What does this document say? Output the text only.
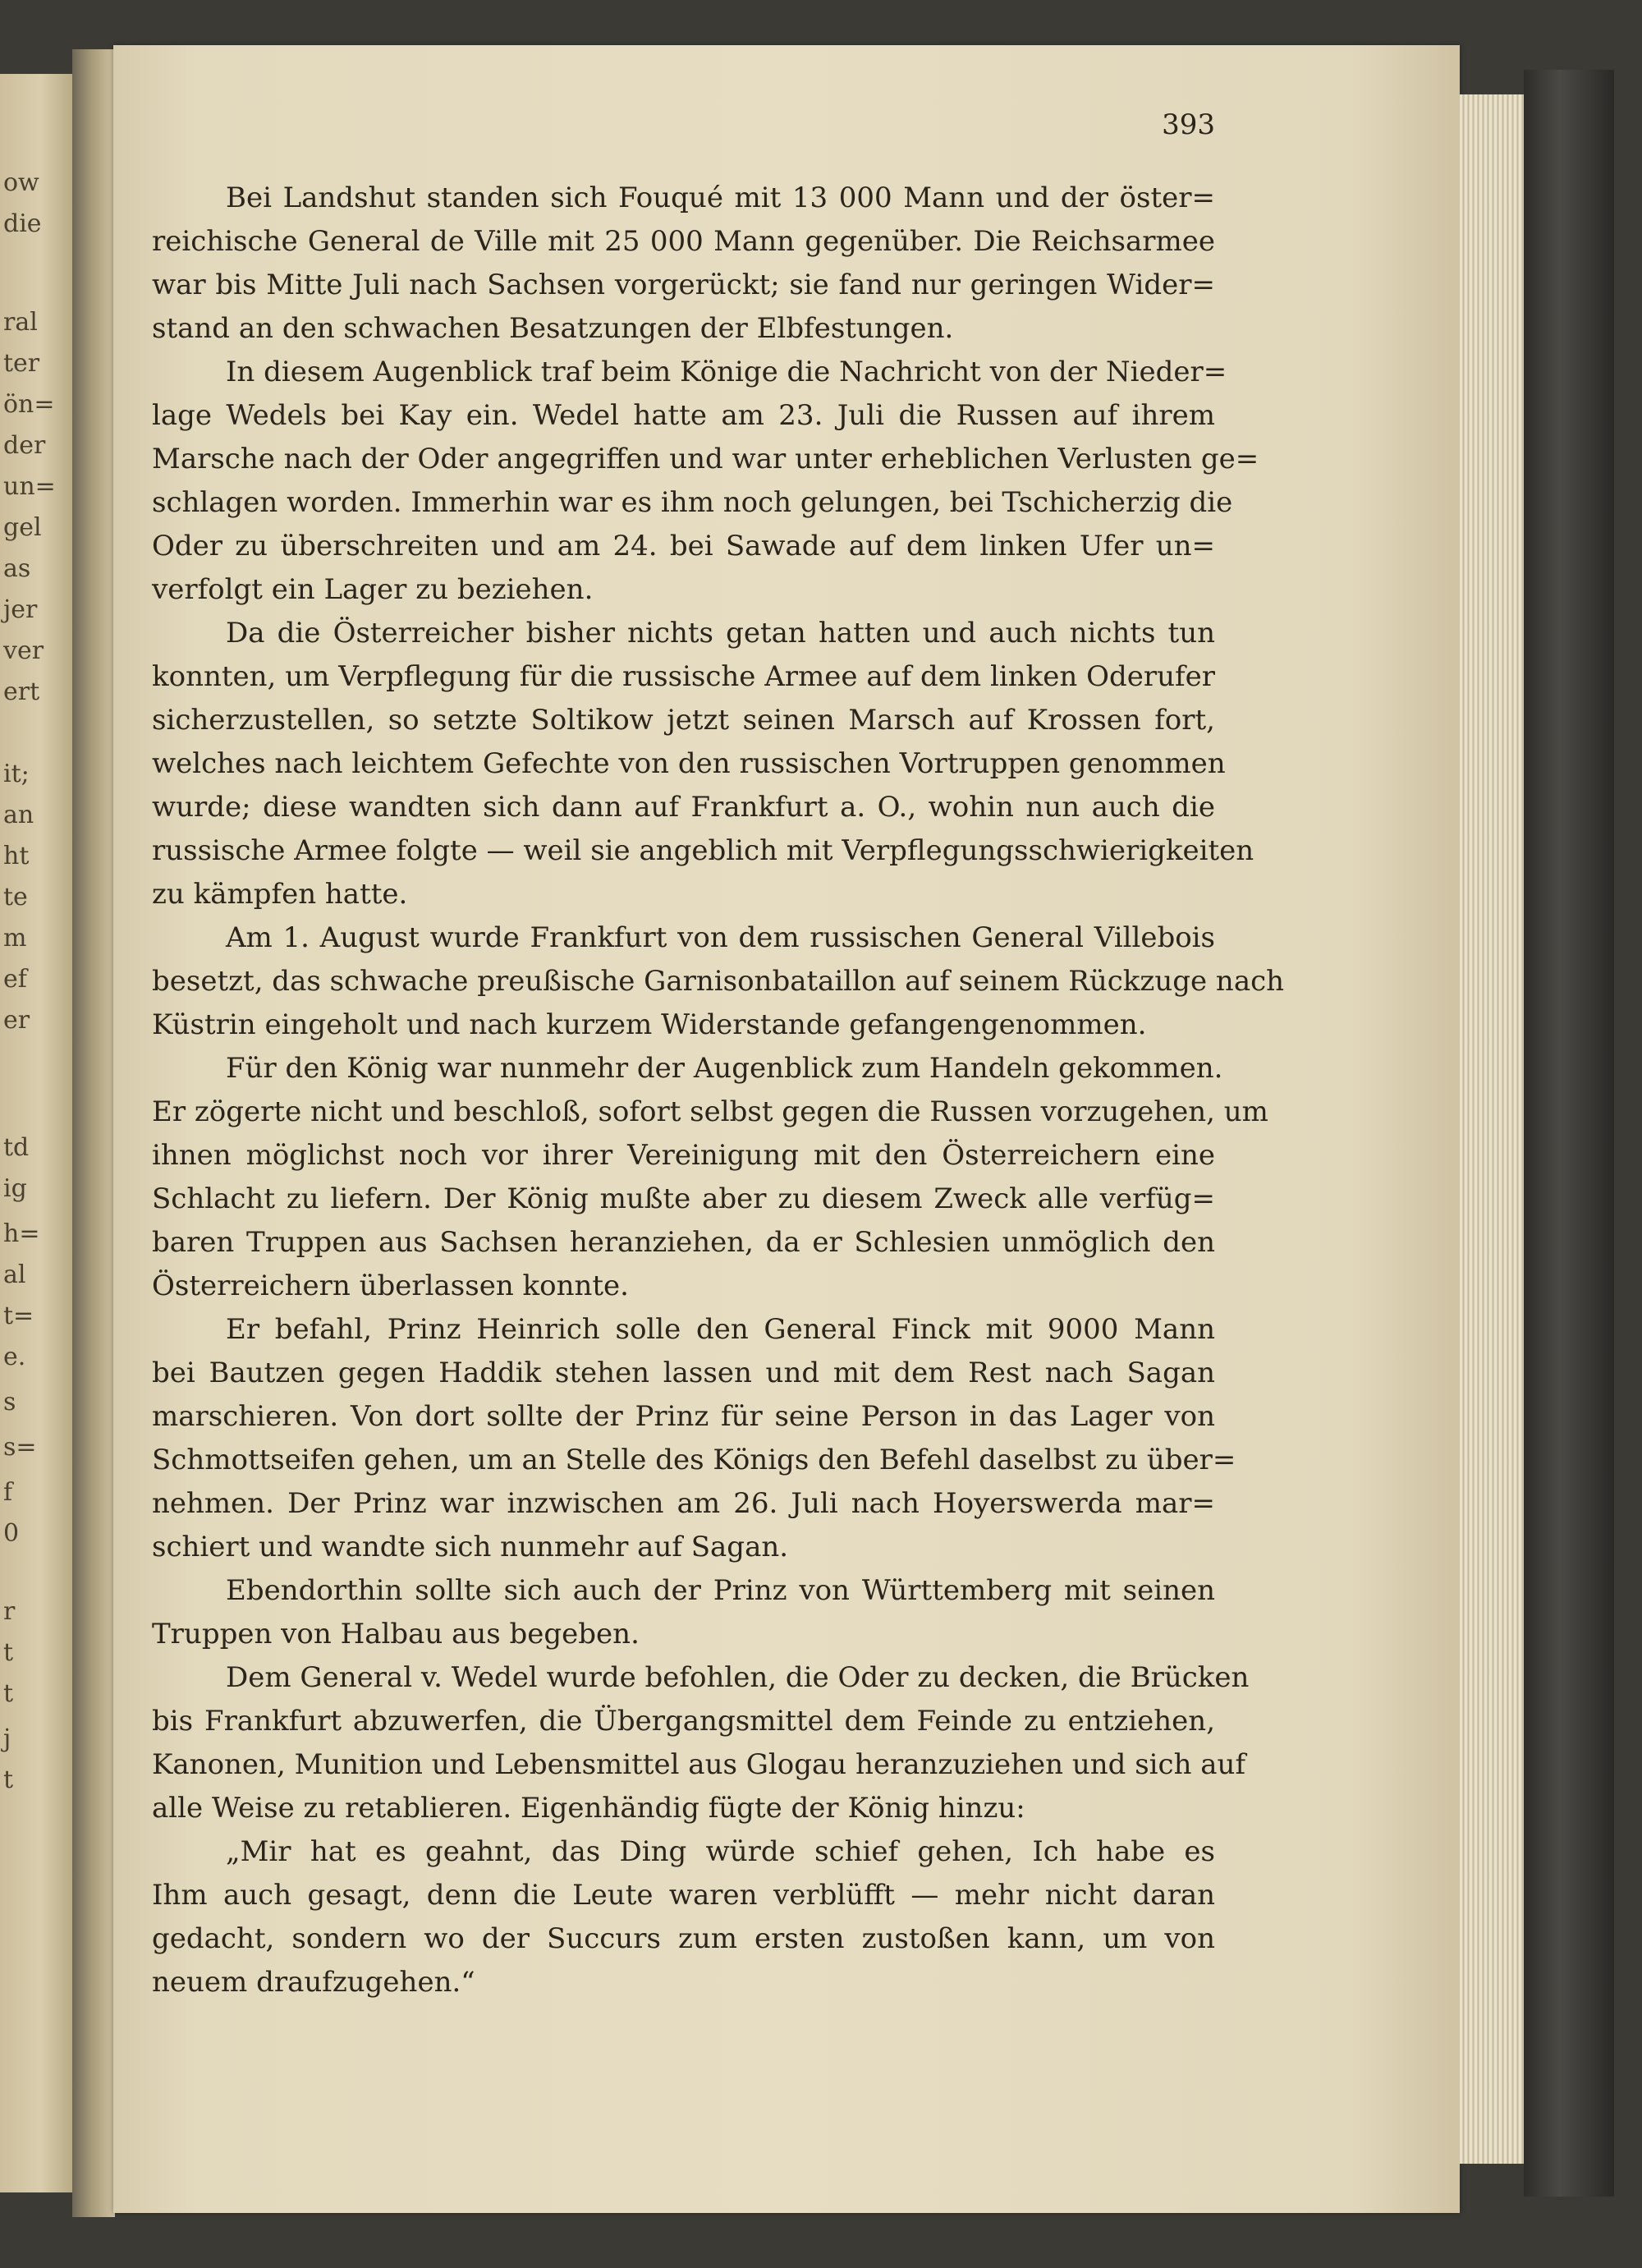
ow
die
ral
ter
ön=
der
un=
gel
as
jer
ver
ert
it;
an
ht
te
m
ef
er
td
ig
h=
al
t=
e.
s
s=
f
0
r
t
t
j
t
393
Bei Landshut standen sich Fouqué mit 13 000 Mann und der öster=
reichische General de Ville mit 25 000 Mann gegenüber. Die Reichsarmee
war bis Mitte Juli nach Sachsen vorgerückt; sie fand nur geringen Wider=
stand an den schwachen Besatzungen der Elbfestungen.
In diesem Augenblick traf beim Könige die Nachricht von der Nieder=
lage Wedels bei Kay ein. Wedel hatte am 23. Juli die Russen auf ihrem
Marsche nach der Oder angegriffen und war unter erheblichen Verlusten ge=
schlagen worden. Immerhin war es ihm noch gelungen, bei Tschicherzig die
Oder zu überschreiten und am 24. bei Sawade auf dem linken Ufer un=
verfolgt ein Lager zu beziehen.
Da die Österreicher bisher nichts getan hatten und auch nichts tun
konnten, um Verpflegung für die russische Armee auf dem linken Oderufer
sicherzustellen, so setzte Soltikow jetzt seinen Marsch auf Krossen fort,
welches nach leichtem Gefechte von den russischen Vortruppen genommen
wurde; diese wandten sich dann auf Frankfurt a. O., wohin nun auch die
russische Armee folgte — weil sie angeblich mit Verpflegungsschwierigkeiten
zu kämpfen hatte.
Am 1. August wurde Frankfurt von dem russischen General Villebois
besetzt, das schwache preußische Garnisonbataillon auf seinem Rückzuge nach
Küstrin eingeholt und nach kurzem Widerstande gefangengenommen.
Für den König war nunmehr der Augenblick zum Handeln gekommen.
Er zögerte nicht und beschloß, sofort selbst gegen die Russen vorzugehen, um
ihnen möglichst noch vor ihrer Vereinigung mit den Österreichern eine
Schlacht zu liefern. Der König mußte aber zu diesem Zweck alle verfüg=
baren Truppen aus Sachsen heranziehen, da er Schlesien unmöglich den
Österreichern überlassen konnte.
Er befahl, Prinz Heinrich solle den General Finck mit 9000 Mann
bei Bautzen gegen Haddik stehen lassen und mit dem Rest nach Sagan
marschieren. Von dort sollte der Prinz für seine Person in das Lager von
Schmottseifen gehen, um an Stelle des Königs den Befehl daselbst zu über=
nehmen. Der Prinz war inzwischen am 26. Juli nach Hoyerswerda mar=
schiert und wandte sich nunmehr auf Sagan.
Ebendorthin sollte sich auch der Prinz von Württemberg mit seinen
Truppen von Halbau aus begeben.
Dem General v. Wedel wurde befohlen, die Oder zu decken, die Brücken
bis Frankfurt abzuwerfen, die Übergangsmittel dem Feinde zu entziehen,
Kanonen, Munition und Lebensmittel aus Glogau heranzuziehen und sich auf
alle Weise zu retablieren. Eigenhändig fügte der König hinzu:
„Mir hat es geahnt, das Ding würde schief gehen, Ich habe es
Ihm auch gesagt, denn die Leute waren verblüfft — mehr nicht daran
gedacht, sondern wo der Succurs zum ersten zustoßen kann, um von
neuem draufzugehen.“
